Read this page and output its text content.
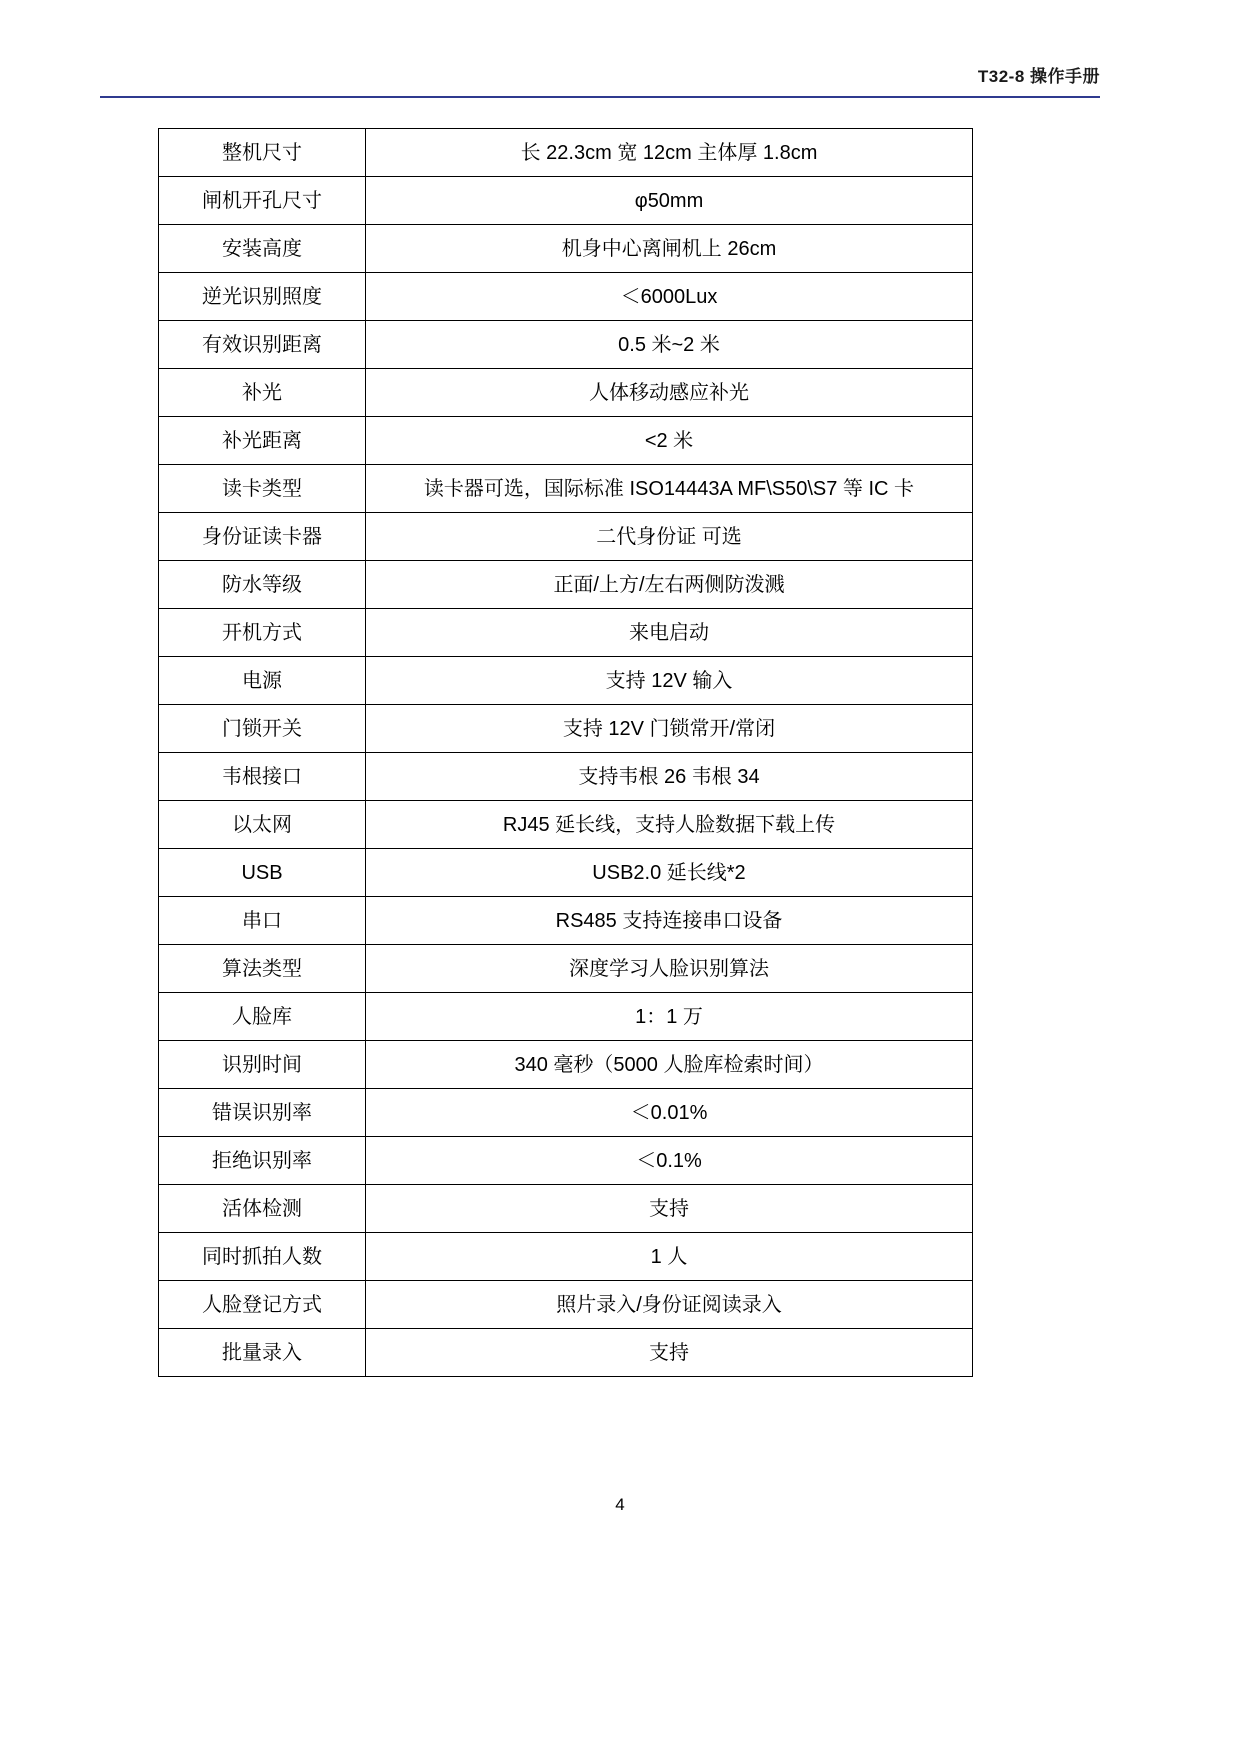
T32-8 操作手册
整机尺寸	长 22.3cm 宽 12cm 主体厚 1.8cm
闸机开孔尺寸	φ50mm
安装高度	机身中心离闸机上 26cm
逆光识别照度	＜6000Lux
有效识别距离	0.5 米~2 米
补光	人体移动感应补光
补光距离	<2 米
读卡类型	读卡器可选，国际标准 ISO14443A MF\S50\S7 等 IC 卡
身份证读卡器	二代身份证 可选
防水等级	正面/上方/左右两侧防泼溅
开机方式	来电启动
电源	支持 12V 输入
门锁开关	支持 12V 门锁常开/常闭
韦根接口	支持韦根 26 韦根 34
以太网	RJ45 延长线，支持人脸数据下载上传
USB	USB2.0 延长线*2
串口	RS485 支持连接串口设备
算法类型	深度学习人脸识别算法
人脸库	1：1 万
识别时间	340 毫秒（5000 人脸库检索时间）
错误识别率	＜0.01%
拒绝识别率	＜0.1%
活体检测	支持
同时抓拍人数	1 人
人脸登记方式	照片录入/身份证阅读录入
批量录入	支持
4
